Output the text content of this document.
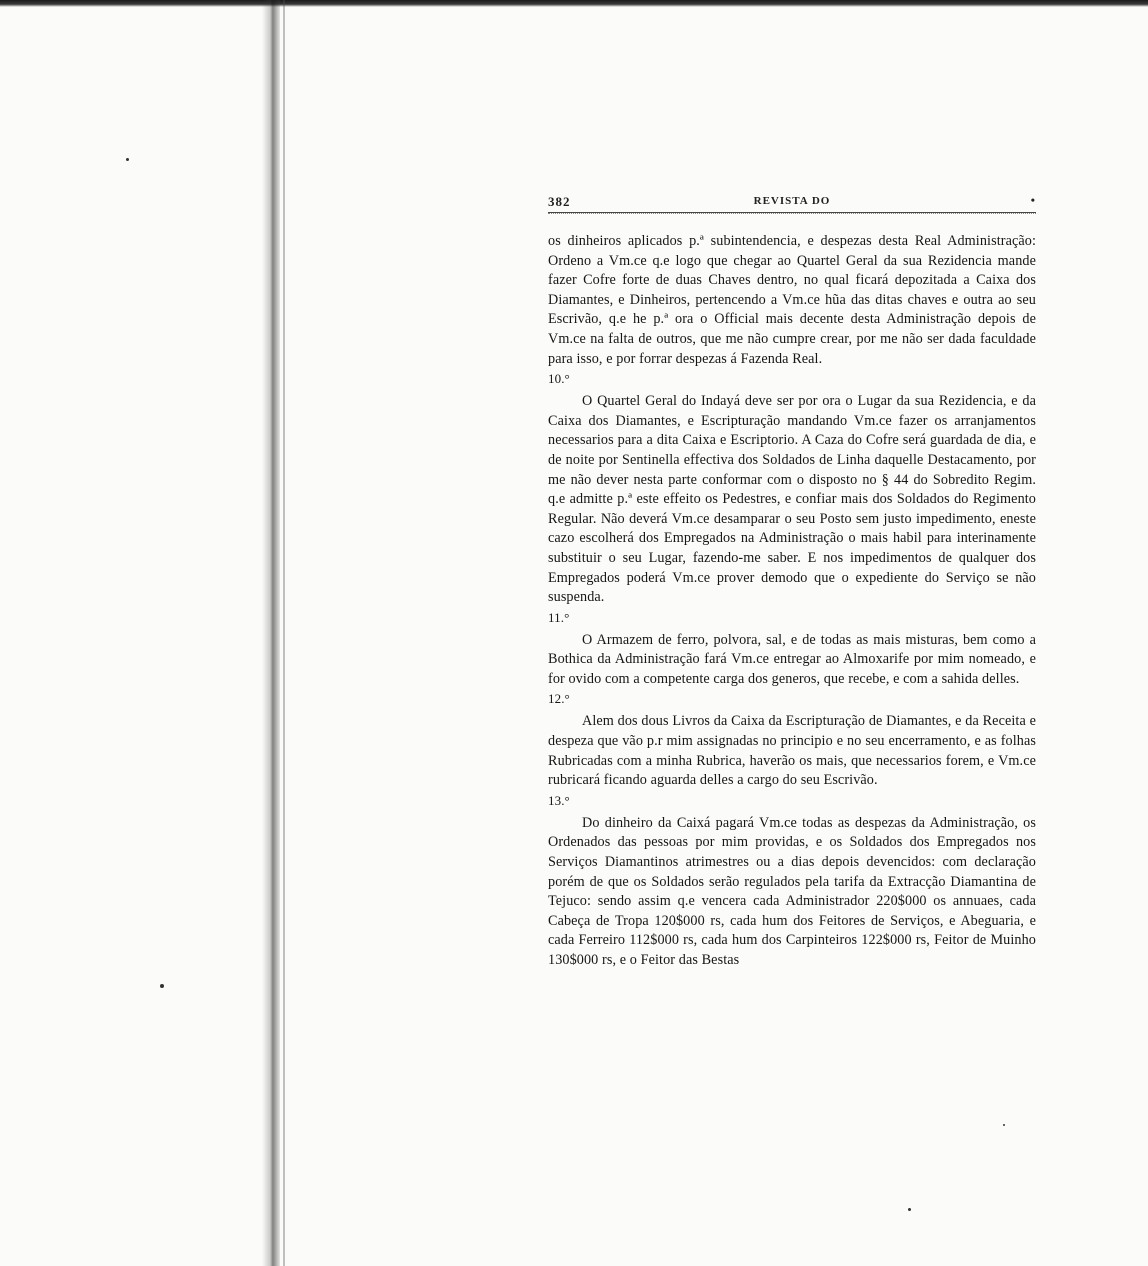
382	REVISTA DO	•

os dinheiros aplicados p.ª subintendencia, e despezas desta Real Administração: Ordeno a Vm.ce q.e logo que chegar ao Quartel Geral da sua Rezidencia mande fazer Cofre forte de duas Chaves dentro, no qual ficará depozitada a Caixa dos Diamantes, e Dinheiros, pertencendo a Vm.ce hũa das ditas chaves e outra ao seu Escrivão, q.e he p.ª ora o Official mais decente desta Administração depois de Vm.ce na falta de outros, que me não cumpre crear, por me não ser dada faculdade para isso, e por forrar despezas á Fazenda Real.

10.°

O Quartel Geral do Indayá deve ser por ora o Lugar da sua Rezidencia, e da Caixa dos Diamantes, e Escripturação mandando Vm.ce fazer os arranjamentos necessarios para a dita Caixa e Escriptorio. A Caza do Cofre será guardada de dia, e de noite por Sentinella effectiva dos Soldados de Linha daquelle Destacamento, por me não dever nesta parte conformar com o disposto no § 44 do Sobredito Regim. q.e admitte p.ª este effeito os Pedestres, e confiar mais dos Soldados do Regimento Regular. Não deverá Vm.ce desamparar o seu Posto sem justo impedimento, eneste cazo escolherá dos Empregados na Administração o mais habil para interinamente substituir o seu Lugar, fazendo-me saber. E nos impedimentos de qualquer dos Empregados poderá Vm.ce prover demodo que o expediente do Serviço se não suspenda.

11.°

O Armazem de ferro, polvora, sal, e de todas as mais misturas, bem como a Bothica da Administração fará Vm.ce entregar ao Almoxarife por mim nomeado, e for ovido com a competente carga dos generos, que recebe, e com a sahida delles.

12.°

Alem dos dous Livros da Caixa da Escripturação de Diamantes, e da Receita e despeza que vão p.r mim assignadas no principio e no seu encerramento, e as folhas Rubricadas com a minha Rubrica, haverão os mais, que necessarios forem, e Vm.ce rubricará ficando aguarda delles a cargo do seu Escrivão.

13.°

Do dinheiro da Caixá pagará Vm.ce todas as despezas da Administração, os Ordenados das pessoas por mim providas, e os Soldados dos Empregados nos Serviços Diamantinos atrimestres ou a dias depois devencidos: com declaração porém de que os Soldados serão regulados pela tarifa da Extracção Diamantina de Tejuco: sendo assim q.e vencera cada Administrador 220$000 os annuaes, cada Cabeça de Tropa 120$000 rs, cada hum dos Feitores de Serviços, e Abeguaria, e cada Ferreiro 112$000 rs, cada hum dos Carpinteiros 122$000 rs, Feitor de Muinho 130$000 rs, e o Feitor das Bestas
